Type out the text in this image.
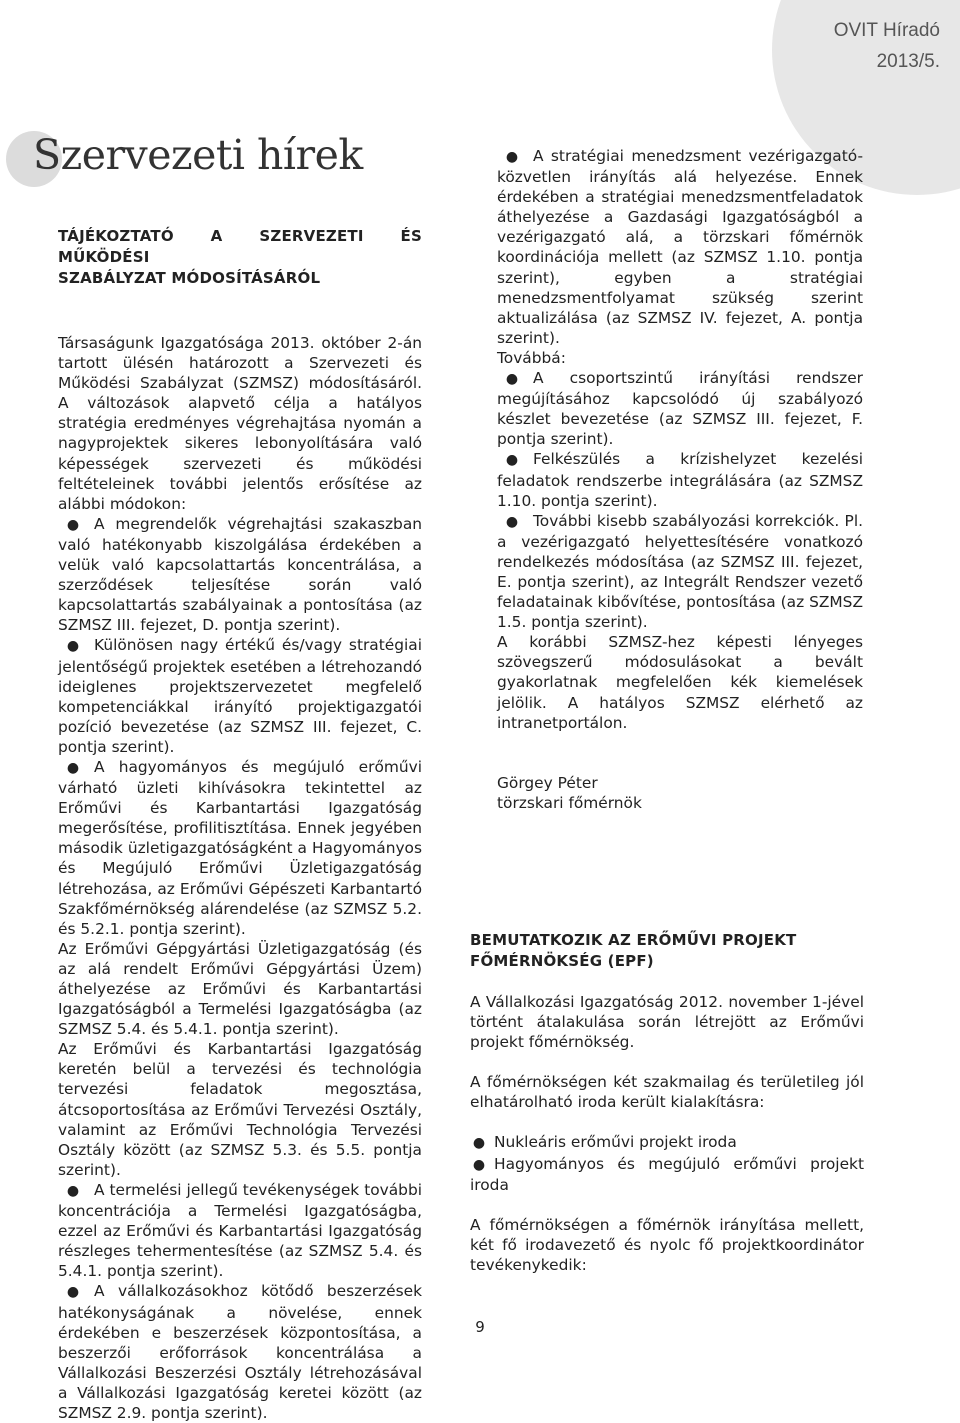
OVIT Híradó
2013/5.
Szervezeti hírek

TÁJÉKOZTATÓ A SZERVEZETI ÉS MŰKÖDÉSI

SZABÁLYZAT MÓDOSÍTÁSÁRÓL

Társaságunk Igazgatósága 2013. október 2-án tartott ülésén határozott a Szervezeti és Működési Szabályzat (SZMSZ) módosításáról. A változások alapvető célja a hatályos stratégia eredményes végrehajtása nyomán a nagyprojektek sikeres lebonyolítására való képességek szervezeti és működési feltételeinek további jelentős erősítése az alábbi módokon:

● A megrendelők végrehajtási szakaszban való hatékonyabb kiszolgálása érdekében a velük való kapcsolattartás koncentrálása, a szerződések teljesítése során való kapcsolattartás szabályainak a pontosítása (az SZMSZ III. fejezet, D. pontja szerint).

● Különösen nagy értékű és/vagy stratégiai jelentőségű projektek esetében a létrehozandó ideiglenes projektszervezetet megfelelő kompetenciákkal irányító projektigazgatói pozíció bevezetése (az SZMSZ III. fejezet, C. pontja szerint).

● A hagyományos és megújuló erőművi várható üzleti kihívásokra tekintettel az Erőművi és Karbantartási Igazgatóság megerősítése, profilitisztítása. Ennek jegyében második üzletigazgatóságként a Hagyományos és Megújuló Erőművi Üzletigazgatóság létrehozása, az Erőművi Gépészeti Karbantartó Szakfőmérnökség alárendelése (az SZMSZ 5.2. és 5.2.1. pontja szerint).

Az Erőművi Gépgyártási Üzletigazgatóság (és az alá rendelt Erőművi Gépgyártási Üzem) áthelyezése az Erőművi és Karbantartási Igazgatóságból a Termelési Igazgatóságba (az SZMSZ 5.4. és 5.4.1. pontja szerint).

Az Erőművi és Karbantartási Igazgatóság keretén belül a tervezési és technológia tervezési feladatok megosztása, átcsoportosítása az Erőművi Tervezési Osztály, valamint az Erőművi Technológia Tervezési Osztály között (az SZMSZ 5.3. és 5.5. pontja szerint).

● A termelési jellegű tevékenységek további koncentrációja a Termelési Igazgatóságba, ezzel az Erőművi és Karbantartási Igazgatóság részleges tehermentesítése (az SZMSZ 5.4. és 5.4.1. pontja szerint).

● A vállalkozásokhoz kötődő beszerzések hatékonyságának a növelése, ennek érdekében e beszerzések központosítása, a beszerzői erőforrások koncentrálása a Vállalkozási Beszerzési Osztály létrehozásával a Vállalkozási Igazgatóság keretei között (az SZMSZ 2.9. pontja szerint).

● A stratégiai menedzsment vezérigazgató-közvetlen irányítás alá helyezése. Ennek érdekében a stratégiai menedzsmentfeladatok áthelyezése a Gazdasági Igazgatóságból a vezérigazgató alá, a törzskari főmérnök koordinációja mellett (az SZMSZ 1.10. pontja szerint), egyben a stratégiai menedzsmentfolyamat szükség szerint aktualizálása (az SZMSZ IV. fejezet, A. pontja szerint).

Továbbá:

● A csoportszintű irányítási rendszer megújításához kapcsolódó új szabályozó készlet bevezetése (az SZMSZ III. fejezet, F. pontja szerint).

● Felkészülés a krízishelyzet kezelési feladatok rendszerbe integrálására (az SZMSZ 1.10. pontja szerint).

● További kisebb szabályozási korrekciók. Pl. a vezérigazgató helyettesítésére vonatkozó rendelkezés módosítása (az SZMSZ III. fejezet, E. pontja szerint), az Integrált Rendszer vezető feladatainak kibővítése, pontosítása (az SZMSZ 1.5. pontja szerint).

A korábbi SZMSZ-hez képesti lényeges szövegszerű módosulásokat a bevált gyakorlatnak megfelelően kék kiemelések jelölik. A hatályos SZMSZ elérhető az intranetportálon.

Görgey Péter

törzskari főmérnök

BEMUTATKOZIK AZ ERŐMŰVI PROJEKT

FŐMÉRNÖKSÉG (EPF)

A Vállalkozási Igazgatóság 2012. november 1-jével történt átalakulása során létrejött az Erőművi projekt főmérnökség.

A főmérnökségen két szakmailag és területileg jól elhatárolható iroda került kialakításra:

● Nukleáris erőművi projekt iroda

● Hagyományos és megújuló erőművi projekt iroda

A főmérnökségen a főmérnök irányítása mellett, két fő irodavezető és nyolc fő projektkoordinátor tevékenykedik:

9
